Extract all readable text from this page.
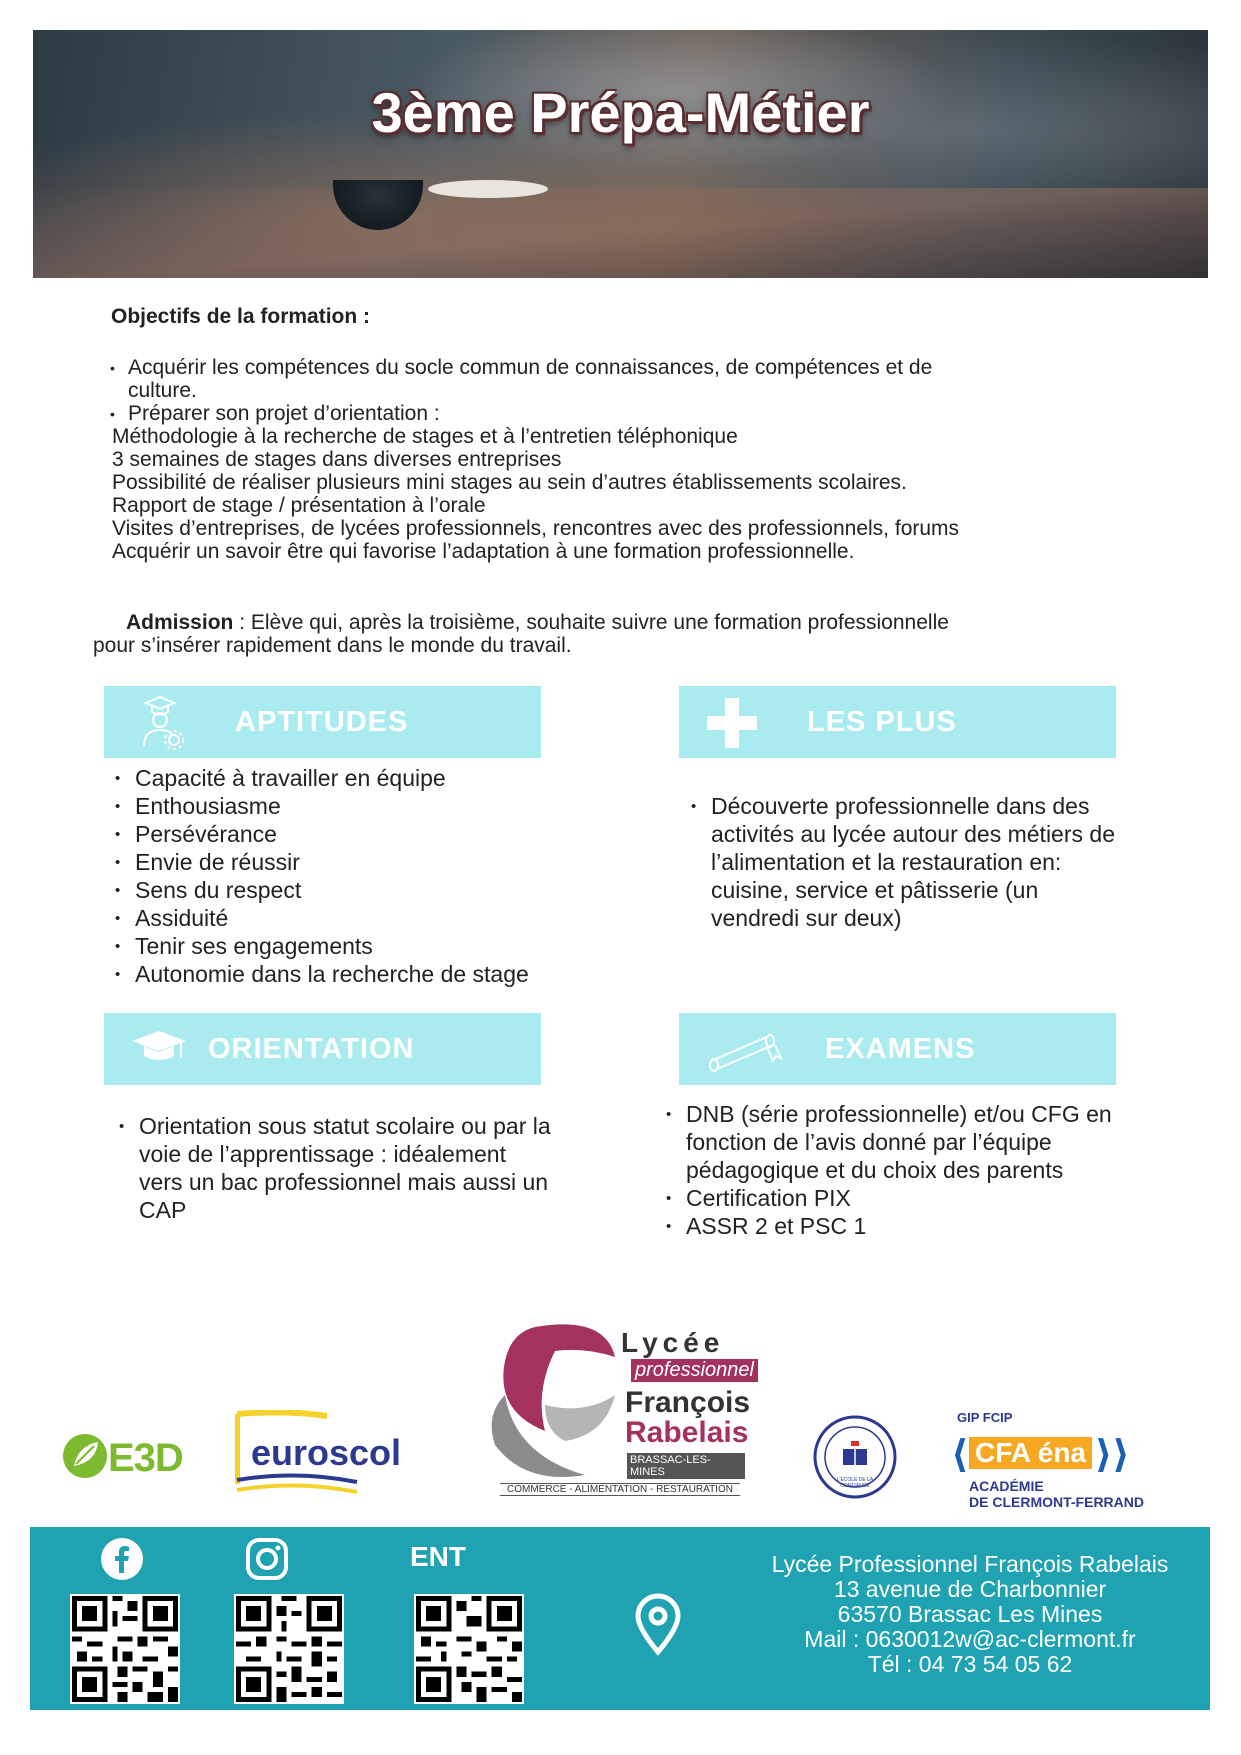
3ème Prépa-Métier
Objectifs de la formation :
• Acquérir les compétences du socle commun de connaissances, de compétences et de
culture.
• Préparer son projet d’orientation :
Méthodologie à la recherche de stages et à l’entretien téléphonique
3 semaines de stages dans diverses entreprises
Possibilité de réaliser plusieurs mini stages au sein d’autres établissements scolaires.
Rapport de stage / présentation à l’orale
Visites d’entreprises, de lycées professionnels, rencontres avec des professionnels, forums
Acquérir un savoir être qui favorise l’adaptation à une formation professionnelle.
Admission : Elève qui, après la troisième, souhaite suivre une formation professionnelle
pour s’insérer rapidement dans le monde du travail.
APTITUDES
• Capacité à travailler en équipe
• Enthousiasme
• Persévérance
• Envie de réussir
• Sens du respect
• Assiduité
• Tenir ses engagements
• Autonomie dans la recherche de stage
LES PLUS
• Découverte professionnelle dans des activités au lycée autour des métiers de l’alimentation et la restauration en: cuisine, service et pâtisserie (un vendredi sur deux)
ORIENTATION
• Orientation sous statut scolaire ou par la voie de l’apprentissage : idéalement vers un bac professionnel mais aussi un CAP
EXAMENS
• DNB (série professionnelle) et/ou CFG en fonction de l’avis donné par l’équipe pédagogique et du choix des parents
• Certification PIX
• ASSR 2 et PSC 1
E3D euroscol
Lycée
professionnel
François
Rabelais
BRASSAC-LES-MINES
COMMERCE - ALIMENTATION - RESTAURATION
L'ÉCOLE DE LA CONFIANCE
GIP FCIP
⟨ CFA éna ⟩⟩
ACADÉMIE
DE CLERMONT-FERRAND
ENT	Lycée Professionnel François Rabelais
13 avenue de Charbonnier
63570 Brassac Les Mines
Mail : 0630012w@ac-clermont.fr
Tél : 04 73 54 05 62
